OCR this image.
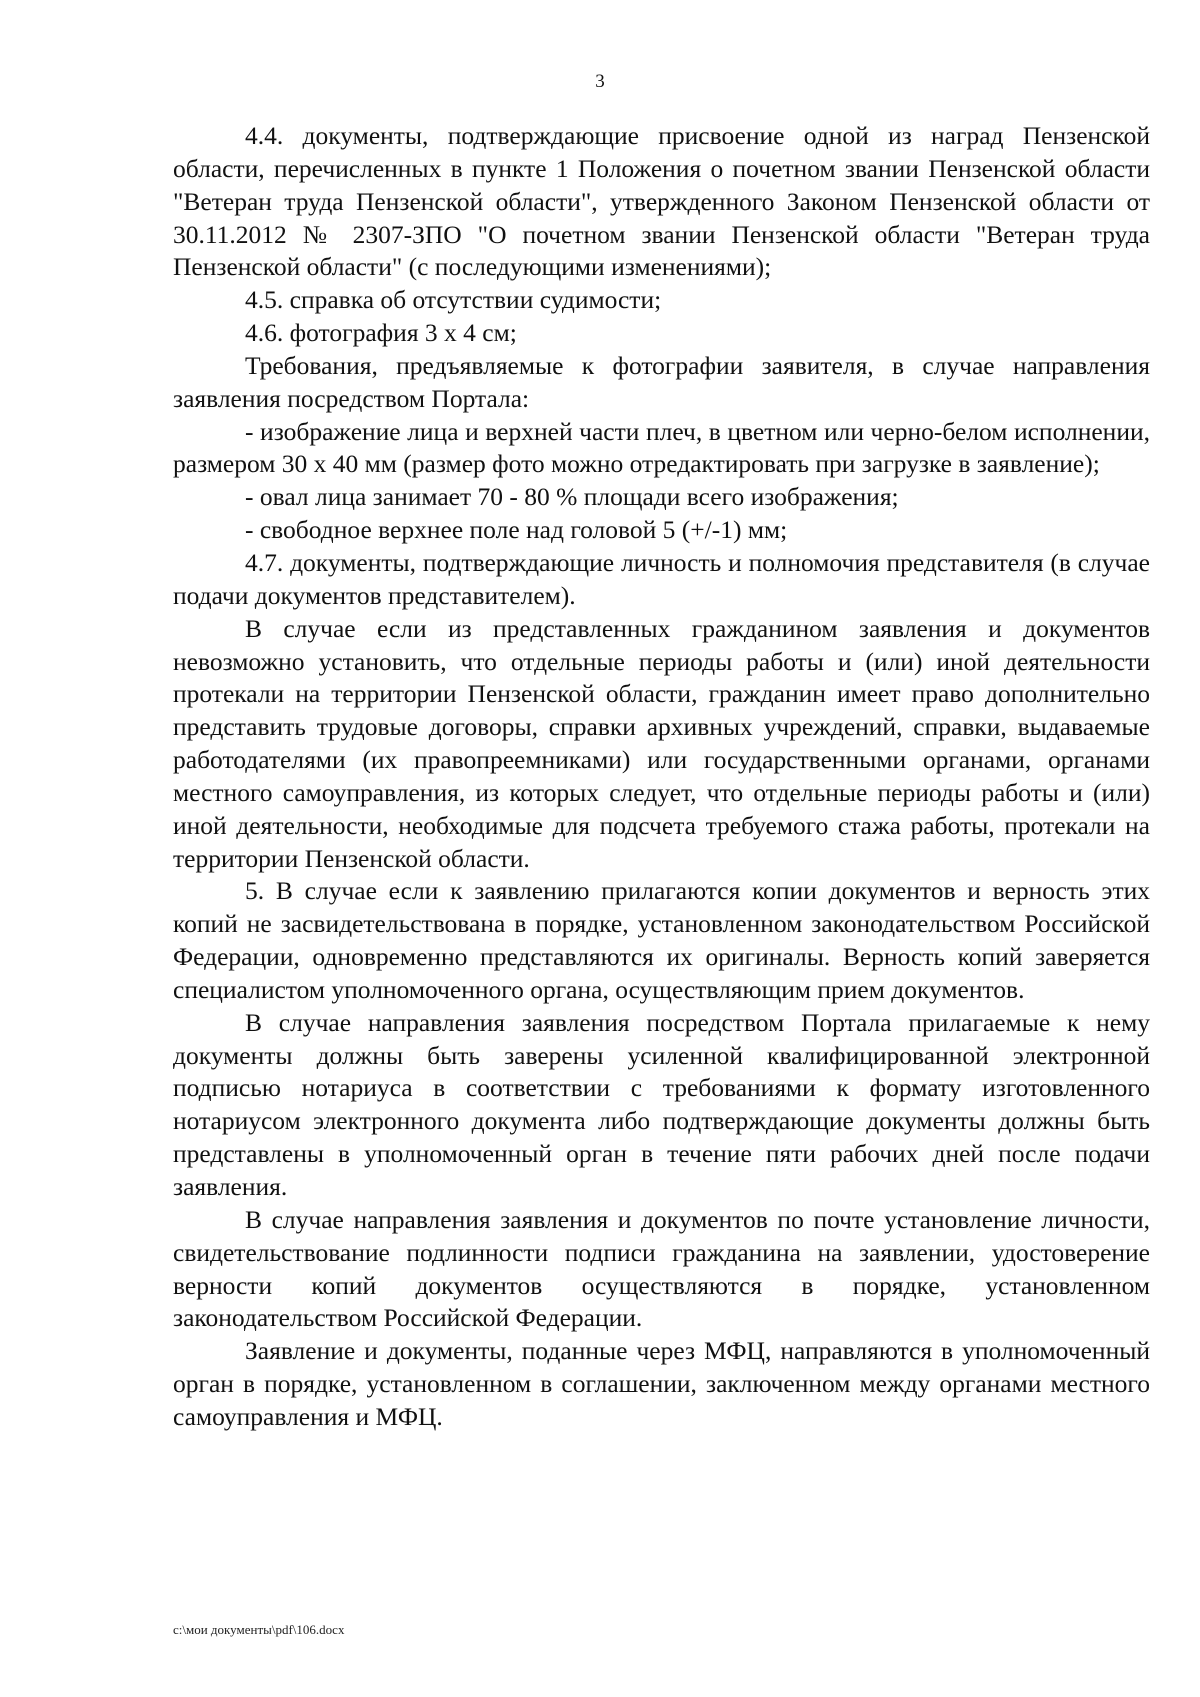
3

4.4. документы, подтверждающие присвоение одной из наград Пензенской области, перечисленных в пункте 1 Положения о почетном звании Пензенской области "Ветеран труда Пензенской области", утвержденного Законом Пензенской области от 30.11.2012 № 2307-ЗПО "О почетном звании Пензенской области "Ветеран труда Пензенской области" (с последующими изменениями);

4.5. справка об отсутствии судимости;

4.6. фотография 3 х 4 см;

Требования, предъявляемые к фотографии заявителя, в случае направления заявления посредством Портала:

- изображение лица и верхней части плеч, в цветном или черно-белом исполнении, размером 30 х 40 мм (размер фото можно отредактировать при загрузке в заявление);

- овал лица занимает 70 - 80 % площади всего изображения;

- свободное верхнее поле над головой 5 (+/-1) мм;

4.7. документы, подтверждающие личность и полномочия представителя (в случае подачи документов представителем).

В случае если из представленных гражданином заявления и документов невозможно установить, что отдельные периоды работы и (или) иной деятельности протекали на территории Пензенской области, гражданин имеет право дополнительно представить трудовые договоры, справки архивных учреждений, справки, выдаваемые работодателями (их правопреемниками) или государственными органами, органами местного самоуправления, из которых следует, что отдельные периоды работы и (или) иной деятельности, необходимые для подсчета требуемого стажа работы, протекали на территории Пензенской области.

5. В случае если к заявлению прилагаются копии документов и верность этих копий не засвидетельствована в порядке, установленном законодательством Российской Федерации, одновременно представляются их оригиналы. Верность копий заверяется специалистом уполномоченного органа, осуществляющим прием документов.

В случае направления заявления посредством Портала прилагаемые к нему документы должны быть заверены усиленной квалифицированной электронной подписью нотариуса в соответствии с требованиями к формату изготовленного нотариусом электронного документа либо подтверждающие документы должны быть представлены в уполномоченный орган в течение пяти рабочих дней после подачи заявления.

В случае направления заявления и документов по почте установление личности, свидетельствование подлинности подписи гражданина на заявлении, удостоверение верности копий документов осуществляются в порядке, установленном законодательством Российской Федерации.

Заявление и документы, поданные через МФЦ, направляются в уполномоченный орган в порядке, установленном в соглашении, заключенном между органами местного самоуправления и МФЦ.

c:\мои документы\pdf\106.docx
